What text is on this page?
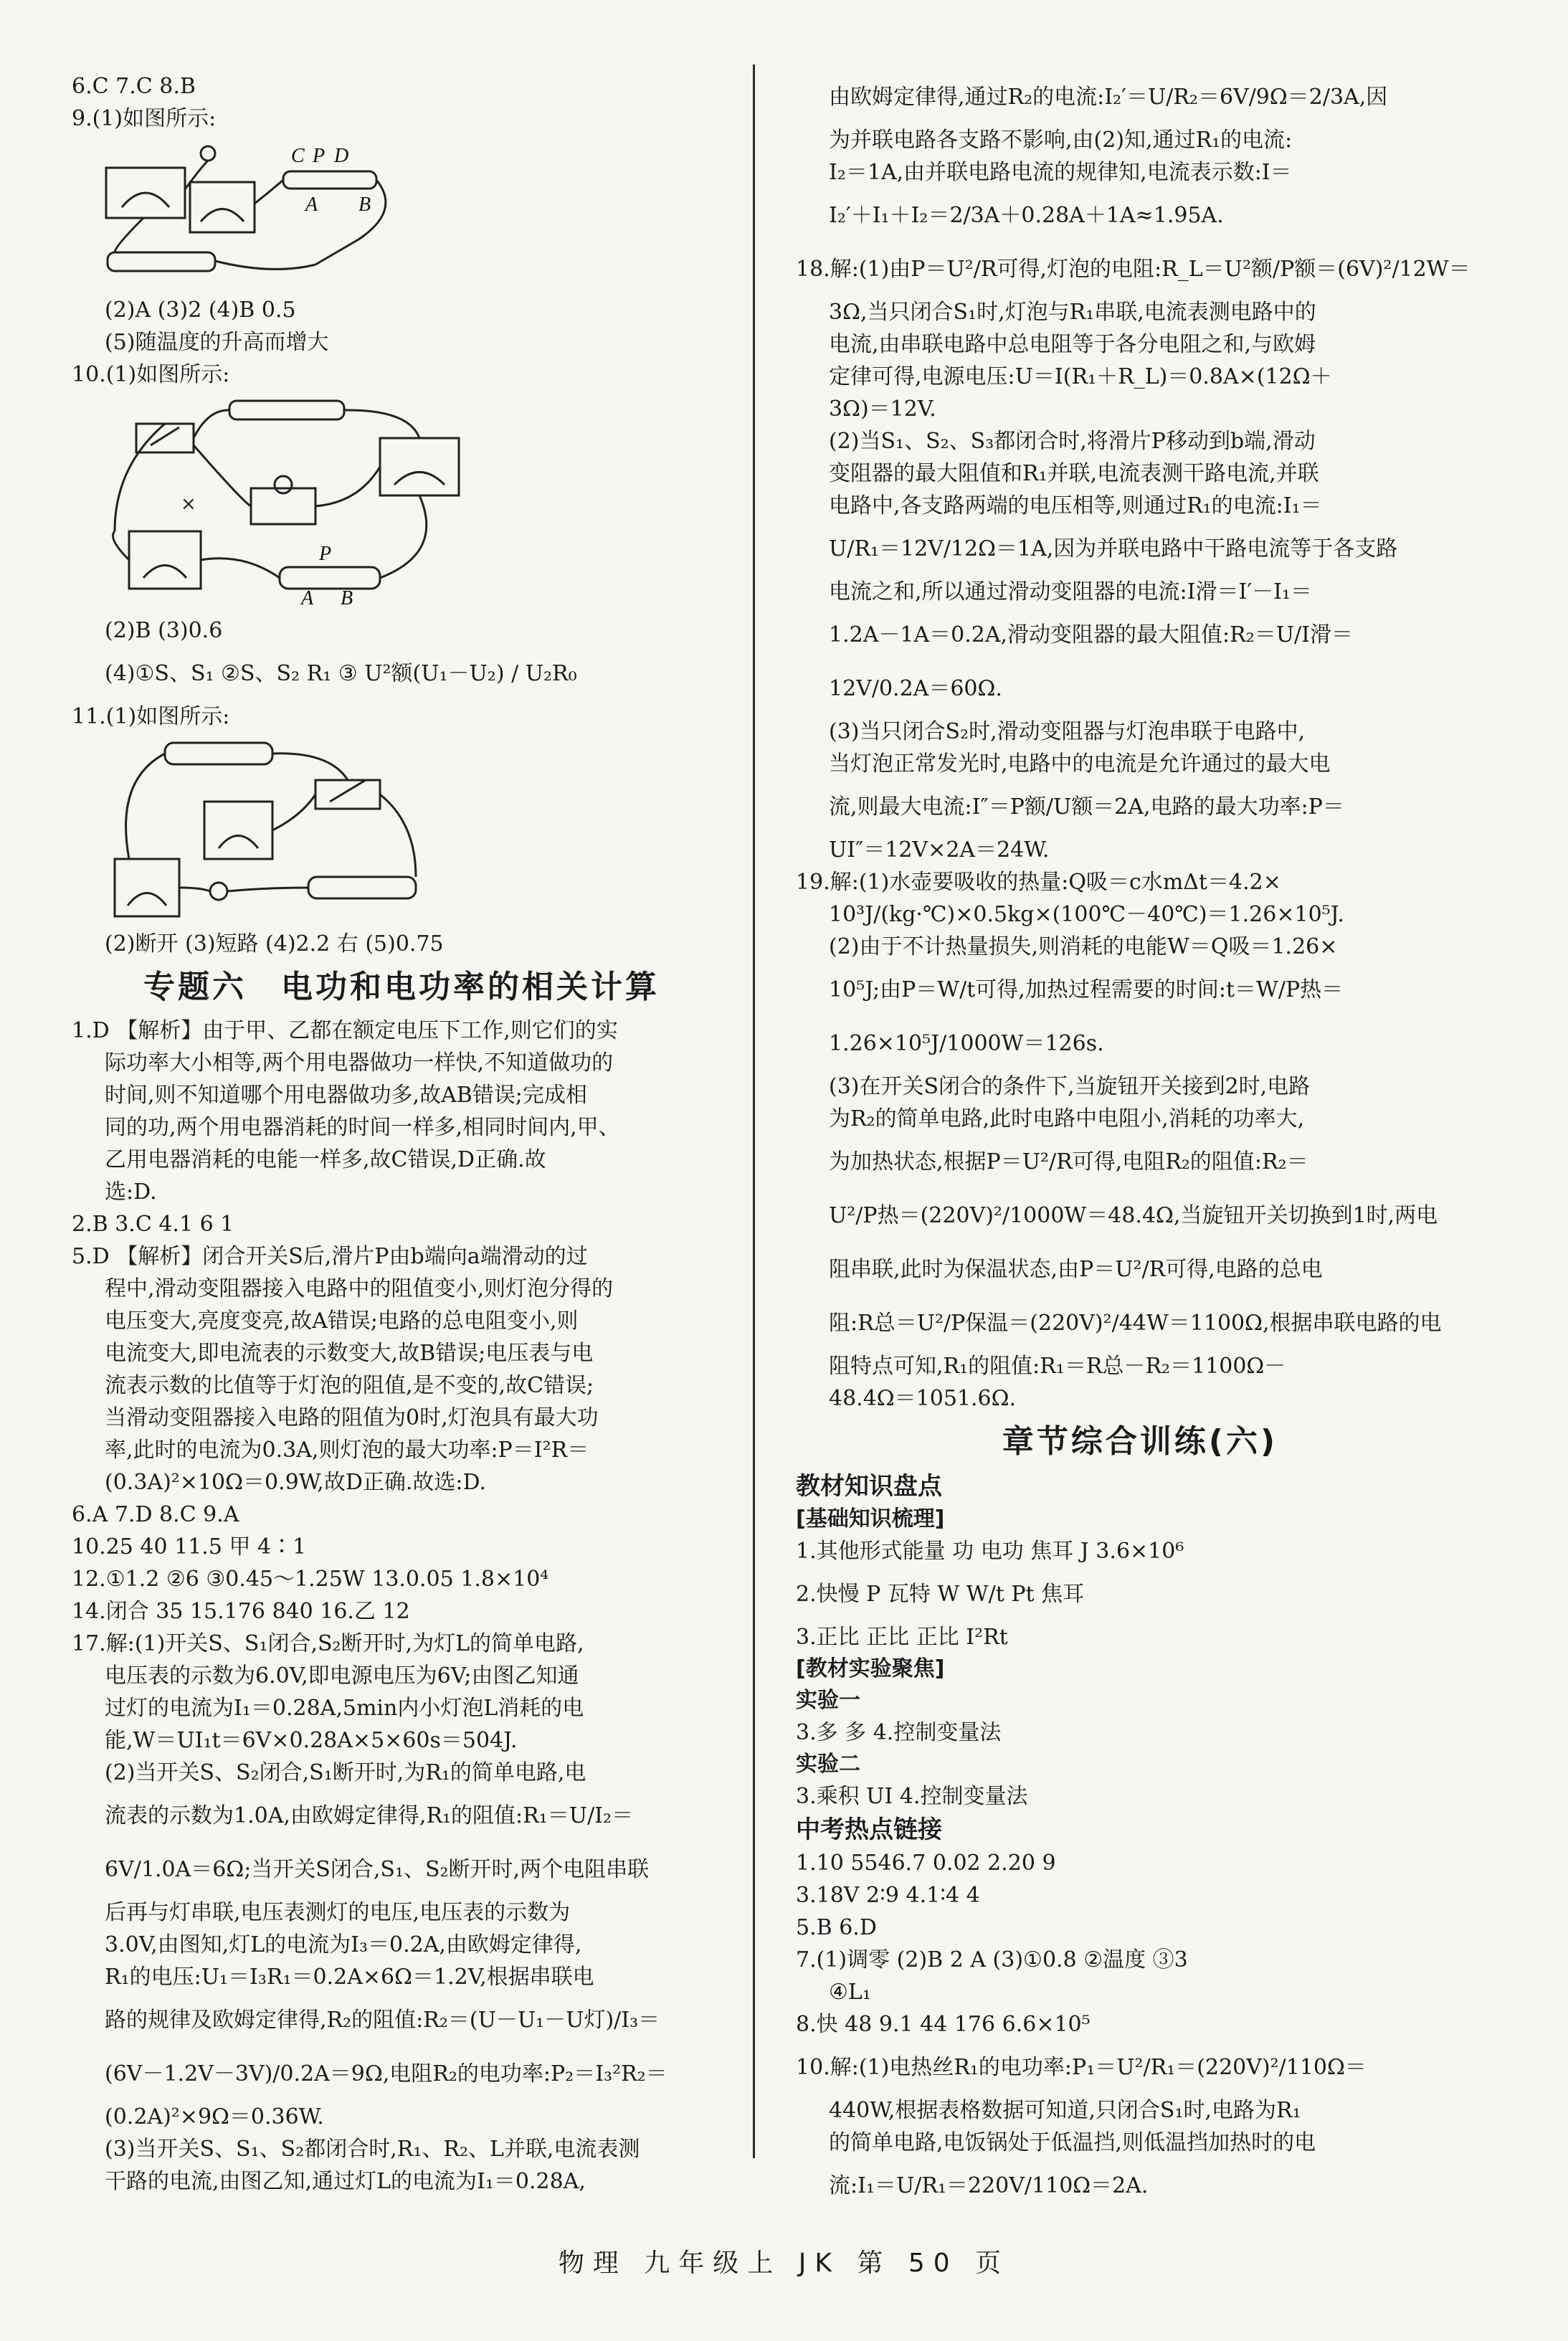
6.C 7.C 8.B
9.(1)如图所示:
C P D
A B
(2)A (3)2 (4)B 0.5
(5)随温度的升高而增大
10.(1)如图所示:
×
P
A B
(2)B (3)0.6
(4)①S、S₁ ②S、S₂ R₁ ③ U²额(U₁－U₂) / U₂R₀
11.(1)如图所示:
(2)断开 (3)短路 (4)2.2 右 (5)0.75
专题六　电功和电功率的相关计算
1.D 【解析】由于甲、乙都在额定电压下工作,则它们的实
际功率大小相等,两个用电器做功一样快,不知道做功的
时间,则不知道哪个用电器做功多,故AB错误;完成相
同的功,两个用电器消耗的时间一样多,相同时间内,甲、
乙用电器消耗的电能一样多,故C错误,D正确.故
选:D.
2.B 3.C 4.1 6 1
5.D 【解析】闭合开关S后,滑片P由b端向a端滑动的过
程中,滑动变阻器接入电路中的阻值变小,则灯泡分得的
电压变大,亮度变亮,故A错误;电路的总电阻变小,则
电流变大,即电流表的示数变大,故B错误;电压表与电
流表示数的比值等于灯泡的阻值,是不变的,故C错误;
当滑动变阻器接入电路的阻值为0时,灯泡具有最大功
率,此时的电流为0.3A,则灯泡的最大功率:P＝I²R＝
(0.3A)²×10Ω＝0.9W,故D正确.故选:D.
6.A 7.D 8.C 9.A
10.25 40 11.5 甲 4∶1
12.①1.2 ②6 ③0.45～1.25W 13.0.05 1.8×10⁴
14.闭合 35 15.176 840 16.乙 12
17.解:(1)开关S、S₁闭合,S₂断开时,为灯L的简单电路,
电压表的示数为6.0V,即电源电压为6V;由图乙知通
过灯的电流为I₁＝0.28A,5min内小灯泡L消耗的电
能,W＝UI₁t＝6V×0.28A×5×60s＝504J.
(2)当开关S、S₂闭合,S₁断开时,为R₁的简单电路,电
流表的示数为1.0A,由欧姆定律得,R₁的阻值:R₁＝U/I₂＝
6V/1.0A＝6Ω;当开关S闭合,S₁、S₂断开时,两个电阻串联
后再与灯串联,电压表测灯的电压,电压表的示数为
3.0V,由图知,灯L的电流为I₃＝0.2A,由欧姆定律得,
R₁的电压:U₁＝I₃R₁＝0.2A×6Ω＝1.2V,根据串联电
路的规律及欧姆定律得,R₂的阻值:R₂＝(U－U₁－U灯)/I₃＝
(6V－1.2V－3V)/0.2A＝9Ω,电阻R₂的电功率:P₂＝I₃²R₂＝
(0.2A)²×9Ω＝0.36W.
(3)当开关S、S₁、S₂都闭合时,R₁、R₂、L并联,电流表测
干路的电流,由图乙知,通过灯L的电流为I₁＝0.28A,
由欧姆定律得,通过R₂的电流:I₂′＝U/R₂＝6V/9Ω＝2/3A,因
为并联电路各支路不影响,由(2)知,通过R₁的电流:
I₂＝1A,由并联电路电流的规律知,电流表示数:I＝
I₂′＋I₁＋I₂＝2/3A＋0.28A＋1A≈1.95A.
18.解:(1)由P＝U²/R可得,灯泡的电阻:R_L＝U²额/P额＝(6V)²/12W＝
3Ω,当只闭合S₁时,灯泡与R₁串联,电流表测电路中的
电流,由串联电路中总电阻等于各分电阻之和,与欧姆
定律可得,电源电压:U＝I(R₁＋R_L)＝0.8A×(12Ω＋
3Ω)＝12V.
(2)当S₁、S₂、S₃都闭合时,将滑片P移动到b端,滑动
变阻器的最大阻值和R₁并联,电流表测干路电流,并联
电路中,各支路两端的电压相等,则通过R₁的电流:I₁＝
U/R₁＝12V/12Ω＝1A,因为并联电路中干路电流等于各支路
电流之和,所以通过滑动变阻器的电流:I滑＝I′－I₁＝
1.2A－1A＝0.2A,滑动变阻器的最大阻值:R₂＝U/I滑＝
12V/0.2A＝60Ω.
(3)当只闭合S₂时,滑动变阻器与灯泡串联于电路中,
当灯泡正常发光时,电路中的电流是允许通过的最大电
流,则最大电流:I″＝P额/U额＝2A,电路的最大功率:P＝
UI″＝12V×2A＝24W.
19.解:(1)水壶要吸收的热量:Q吸＝c水mΔt＝4.2×
10³J/(kg·℃)×0.5kg×(100℃－40℃)＝1.26×10⁵J.
(2)由于不计热量损失,则消耗的电能W＝Q吸＝1.26×
10⁵J;由P＝W/t可得,加热过程需要的时间:t＝W/P热＝
1.26×10⁵J/1000W＝126s.
(3)在开关S闭合的条件下,当旋钮开关接到2时,电路
为R₂的简单电路,此时电路中电阻小,消耗的功率大,
为加热状态,根据P＝U²/R可得,电阻R₂的阻值:R₂＝
U²/P热＝(220V)²/1000W＝48.4Ω,当旋钮开关切换到1时,两电
阻串联,此时为保温状态,由P＝U²/R可得,电路的总电
阻:R总＝U²/P保温＝(220V)²/44W＝1100Ω,根据串联电路的电
阻特点可知,R₁的阻值:R₁＝R总－R₂＝1100Ω－
48.4Ω＝1051.6Ω.
章节综合训练(六)
教材知识盘点
[基础知识梳理]
1.其他形式能量 功 电功 焦耳 J 3.6×10⁶
2.快慢 P 瓦特 W W/t Pt 焦耳
3.正比 正比 正比 I²Rt
[教材实验聚焦]
实验一
3.多 多 4.控制变量法
实验二
3.乘积 UI 4.控制变量法
中考热点链接
1.10 5546.7 0.02 2.20 9
3.18V 2∶9 4.1∶4 4
5.B 6.D
7.(1)调零 (2)B 2 A (3)①0.8 ②温度 ③3
④L₁
8.快 48 9.1 44 176 6.6×10⁵
10.解:(1)电热丝R₁的电功率:P₁＝U²/R₁＝(220V)²/110Ω＝
440W,根据表格数据可知道,只闭合S₁时,电路为R₁
的简单电路,电饭锅处于低温挡,则低温挡加热时的电
流:I₁＝U/R₁＝220V/110Ω＝2A.
物理 九年级上 JK 第 50 页
